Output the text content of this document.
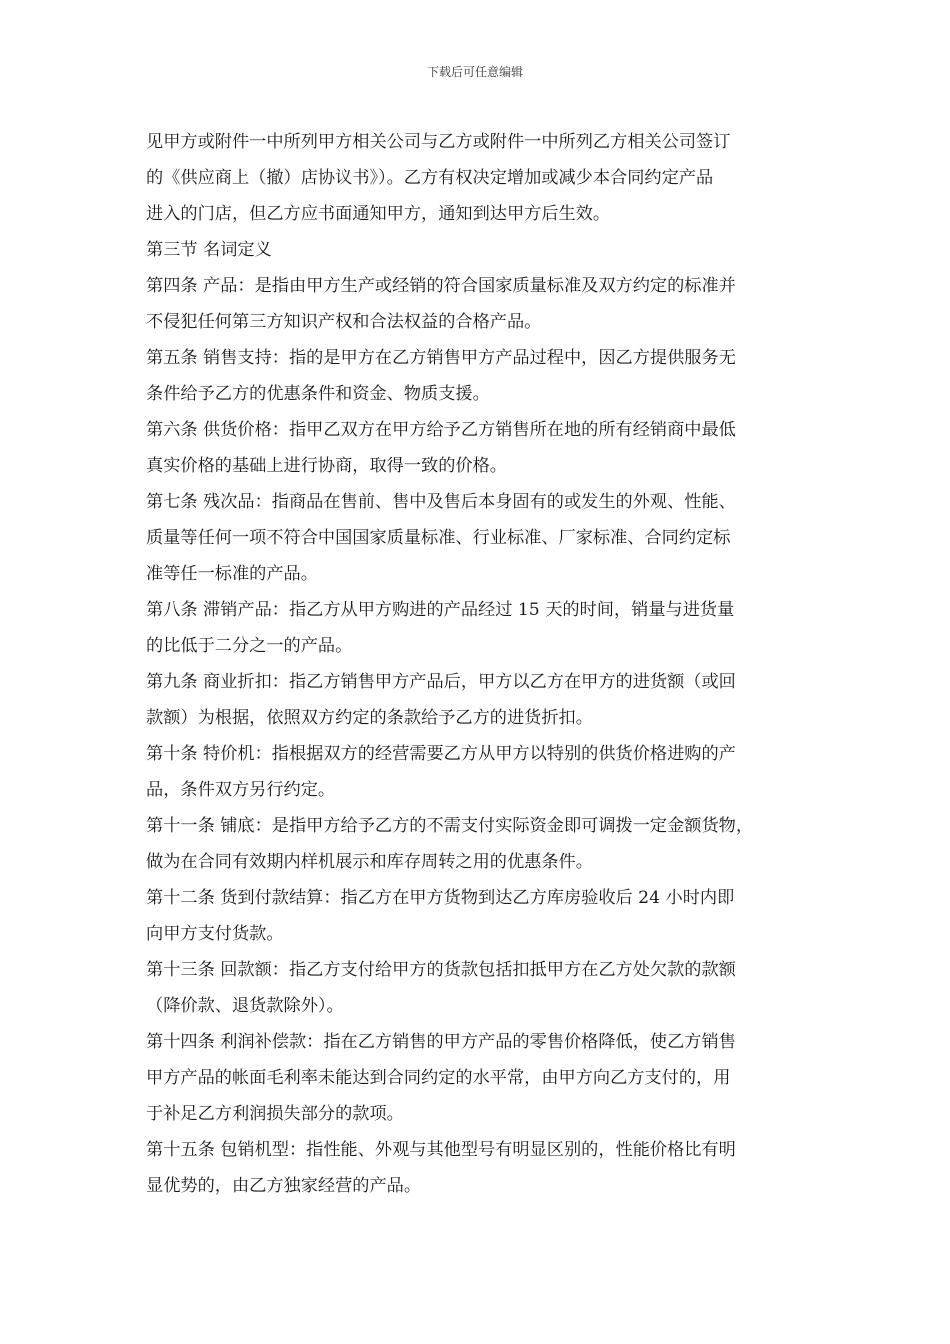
下载后可任意编辑
见甲方或附件一中所列甲方相关公司与乙方或附件一中所列乙方相关公司签订
的《供应商上（撤）店协议书》）。乙方有权决定增加或减少本合同约定产品
进入的门店，但乙方应书面通知甲方，通知到达甲方后生效。
第三节 名词定义
第四条 产品：是指由甲方生产或经销的符合国家质量标准及双方约定的标准并
不侵犯任何第三方知识产权和合法权益的合格产品。
第五条 销售支持：指的是甲方在乙方销售甲方产品过程中，因乙方提供服务无
条件给予乙方的优惠条件和资金、物质支援。
第六条 供货价格：指甲乙双方在甲方给予乙方销售所在地的所有经销商中最低
真实价格的基础上进行协商，取得一致的价格。
第七条 残次品：指商品在售前、售中及售后本身固有的或发生的外观、性能、
质量等任何一项不符合中国国家质量标准、行业标准、厂家标准、合同约定标
准等任一标准的产品。
第八条 滞销产品：指乙方从甲方购进的产品经过 15 天的时间，销量与进货量
的比低于二分之一的产品。
第九条 商业折扣：指乙方销售甲方产品后，甲方以乙方在甲方的进货额（或回
款额）为根据，依照双方约定的条款给予乙方的进货折扣。
第十条 特价机：指根据双方的经营需要乙方从甲方以特别的供货价格进购的产
品，条件双方另行约定。
第十一条 铺底：是指甲方给予乙方的不需支付实际资金即可调拨一定金额货物，
做为在合同有效期内样机展示和库存周转之用的优惠条件。
第十二条 货到付款结算：指乙方在甲方货物到达乙方库房验收后 24 小时内即
向甲方支付货款。
第十三条 回款额：指乙方支付给甲方的货款包括扣抵甲方在乙方处欠款的款额
（降价款、退货款除外）。
第十四条 利润补偿款：指在乙方销售的甲方产品的零售价格降低，使乙方销售
甲方产品的帐面毛利率未能达到合同约定的水平常，由甲方向乙方支付的，用
于补足乙方利润损失部分的款项。
第十五条 包销机型：指性能、外观与其他型号有明显区别的，性能价格比有明
显优势的，由乙方独家经营的产品。
